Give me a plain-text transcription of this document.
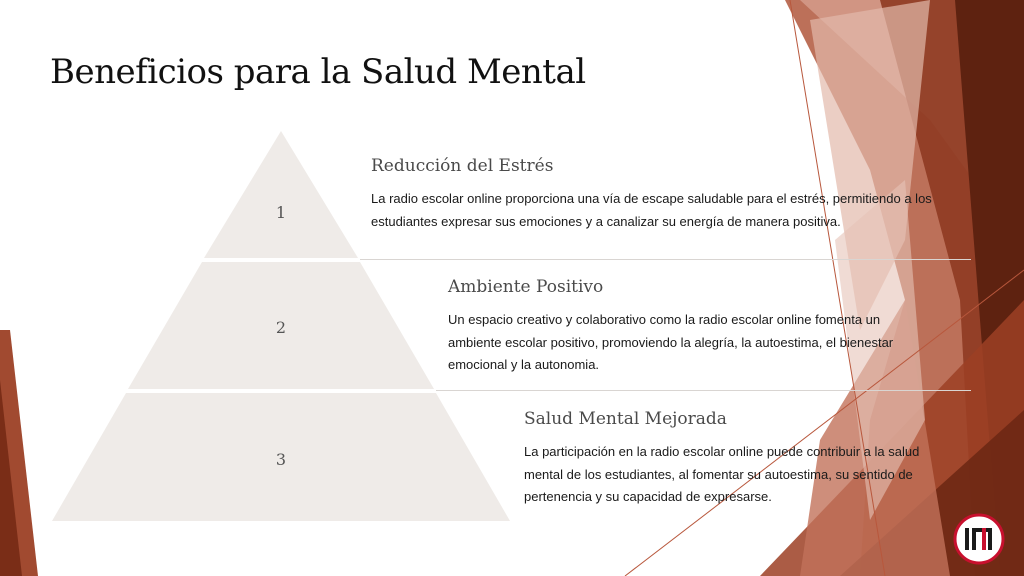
Beneficios para la Salud Mental
1
2
3
Reducción del Estrés

La radio escolar online proporciona una vía de escape saludable para el estrés, permitiendo a los estudiantes expresar sus emociones y a canalizar su energía de manera positiva.

Ambiente Positivo

Un espacio creativo y colaborativo como la radio escolar online fomenta un ambiente escolar positivo, promoviendo la alegría, la autoestima, el bienestar emocional y la autonomia.

Salud Mental Mejorada

La participación en la radio escolar online puede contribuir a la salud mental de los estudiantes, al fomentar su autoestima, su sentido de pertenencia y su capacidad de expresarse.
